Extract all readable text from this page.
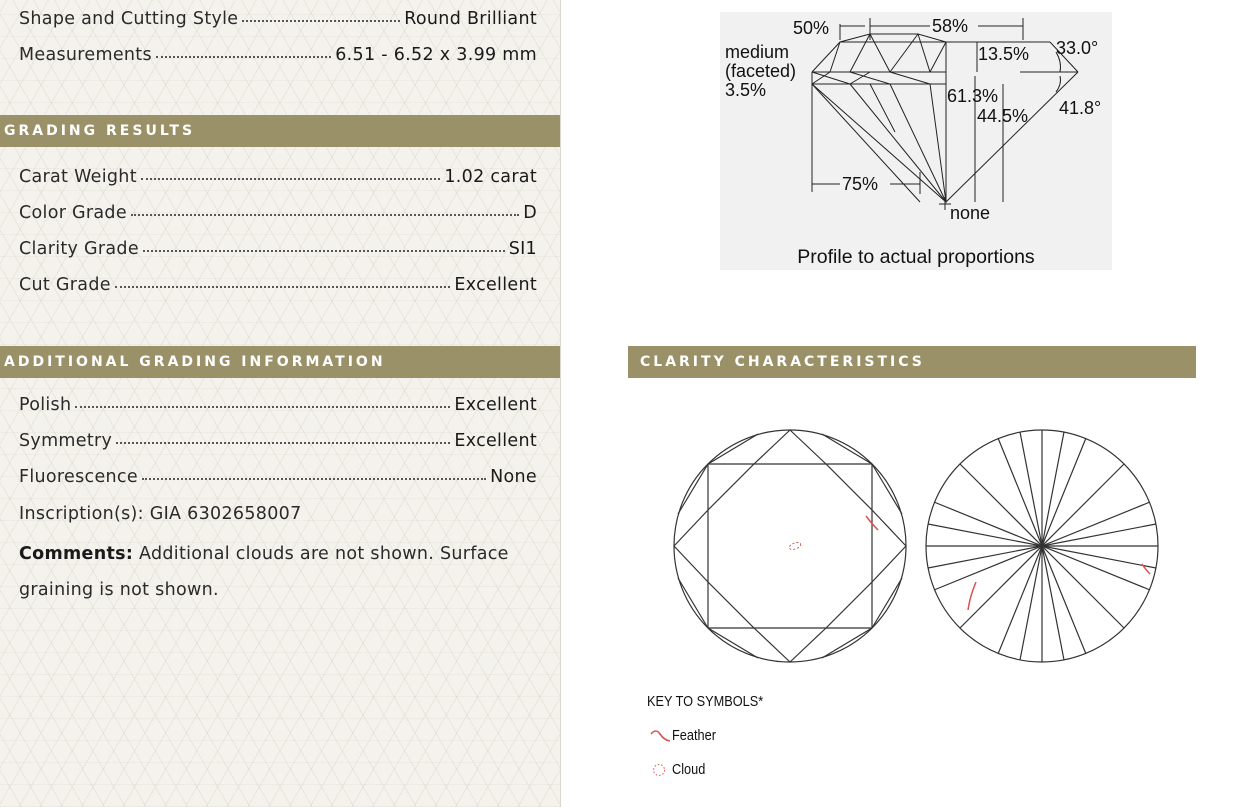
Shape and Cutting Style	Round Brilliant
Measurements	6.51 - 6.52 x 3.99 mm
GRADING RESULTS
Carat Weight	1.02 carat
Color Grade	D
Clarity Grade	SI1
Cut Grade	Excellent
ADDITIONAL GRADING INFORMATION
Polish	Excellent
Symmetry	Excellent
Fluorescence	None
Inscription(s): GIA 6302658007
Comments: Additional clouds are not shown. Surface graining is not shown.
50%	58%
medium
(faceted)
3.5%
13.5% 33.0°
61.3%
44.5% 41.8°
75%
none
Profile to actual proportions
CLARITY CHARACTERISTICS
KEY TO SYMBOLS*
Feather
Cloud
